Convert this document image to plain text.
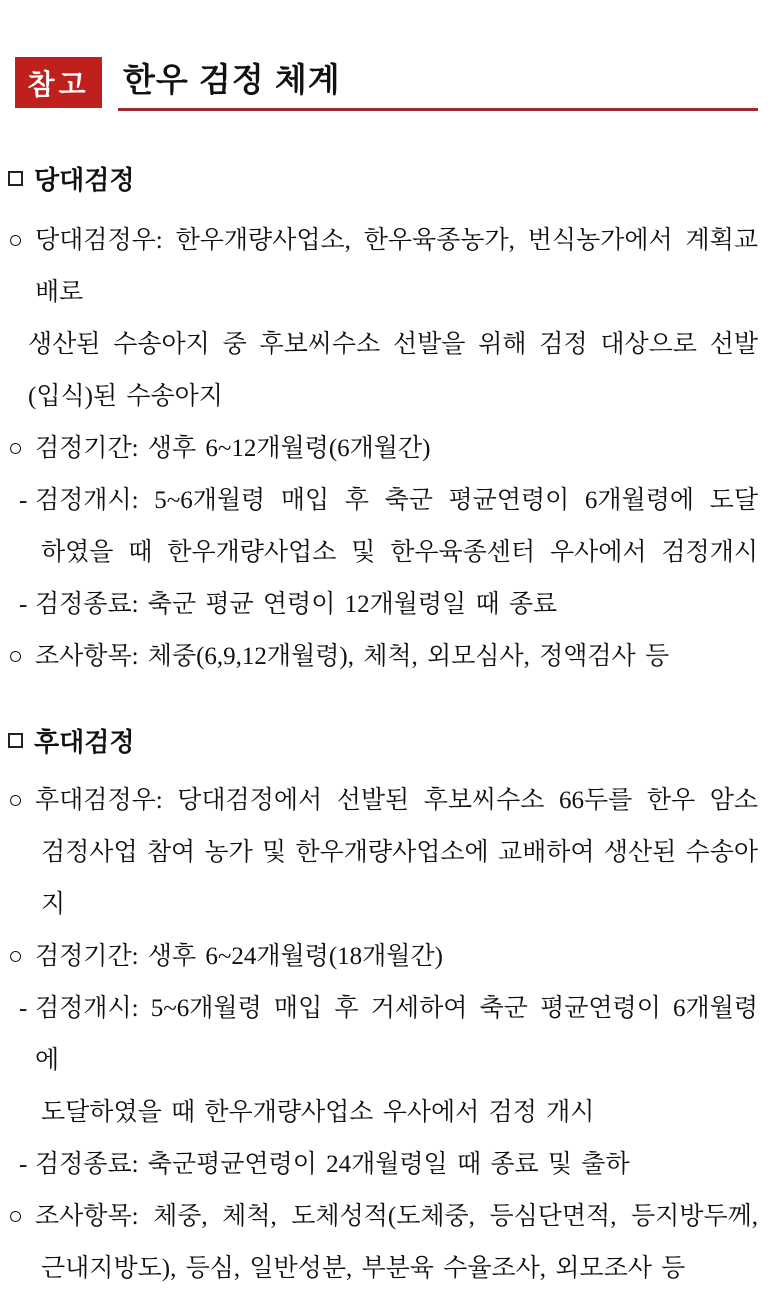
참고	한우 검정 체계
당대검정
○ 당대검정우: 한우개량사업소, 한우육종농가, 번식농가에서 계획교배로
생산된 수송아지 중 후보씨수소 선발을 위해 검정 대상으로 선발
(입식)된 수송아지
○ 검정기간: 생후 6~12개월령(6개월간)
- 검정개시: 5~6개월령 매입 후 축군 평균연령이 6개월령에 도달
하였을 때 한우개량사업소 및 한우육종센터 우사에서 검정개시
- 검정종료: 축군 평균 연령이 12개월령일 때 종료
○ 조사항목: 체중(6,9,12개월령), 체척, 외모심사, 정액검사 등
후대검정
○ 후대검정우: 당대검정에서 선발된 후보씨수소 66두를 한우 암소
검정사업 참여 농가 및 한우개량사업소에 교배하여 생산된 수송아지
○ 검정기간: 생후 6~24개월령(18개월간)
- 검정개시: 5~6개월령 매입 후 거세하여 축군 평균연령이 6개월령에
도달하였을 때 한우개량사업소 우사에서 검정 개시
- 검정종료: 축군평균연령이 24개월령일 때 종료 및 출하
○ 조사항목: 체중, 체척, 도체성적(도체중, 등심단면적, 등지방두께,
근내지방도), 등심, 일반성분, 부분육 수율조사, 외모조사 등
